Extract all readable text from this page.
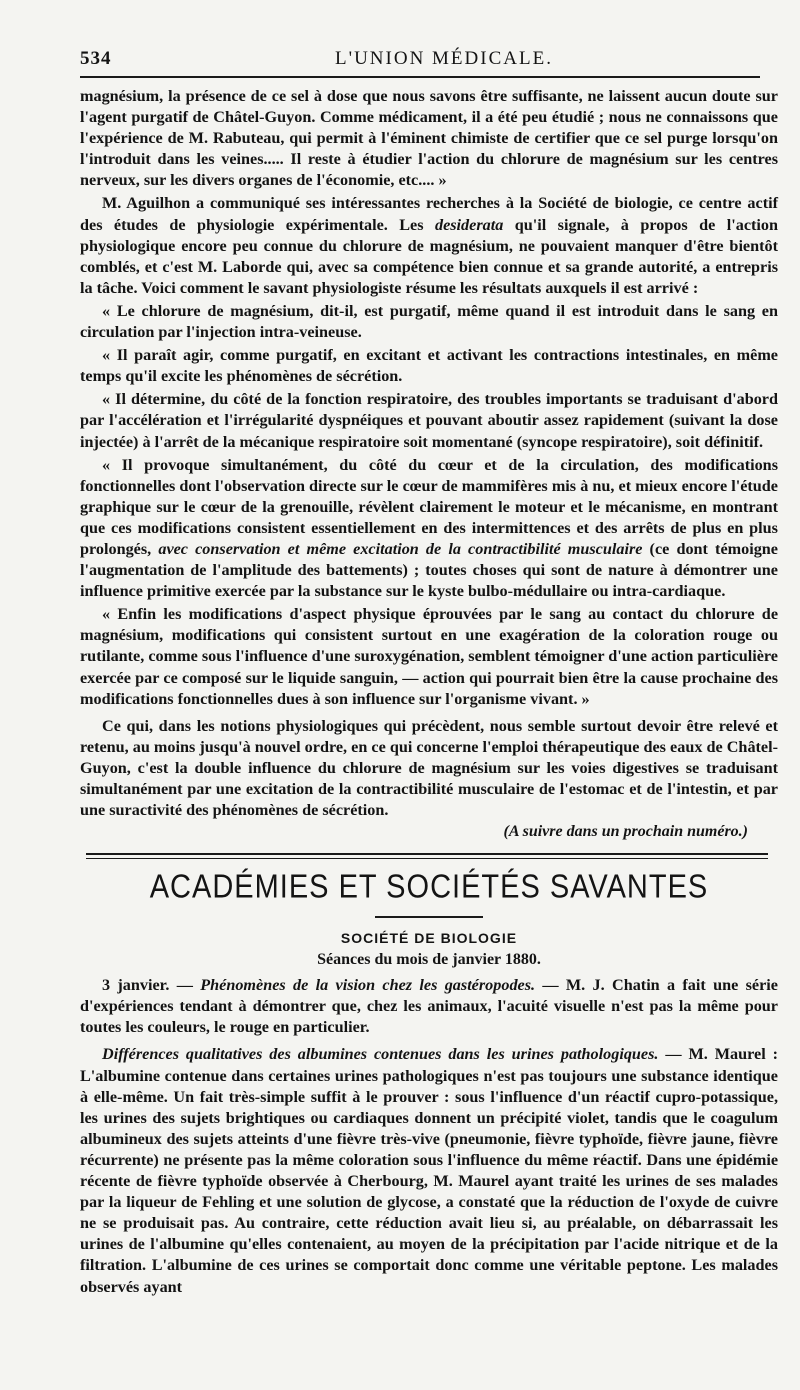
534	L'UNION MÉDICALE.

magnésium, la présence de ce sel à dose que nous savons être suffisante, ne laissent aucun doute sur l'agent purgatif de Châtel-Guyon. Comme médicament, il a été peu étudié ; nous ne connaissons que l'expérience de M. Rabuteau, qui permit à l'éminent chimiste de certifier que ce sel purge lorsqu'on l'introduit dans les veines..... Il reste à étudier l'action du chlorure de magnésium sur les centres nerveux, sur les divers organes de l'économie, etc.... »

M. Aguilhon a communiqué ses intéressantes recherches à la Société de biologie, ce centre actif des études de physiologie expérimentale. Les desiderata qu'il signale, à propos de l'action physiologique encore peu connue du chlorure de magnésium, ne pouvaient manquer d'être bientôt comblés, et c'est M. Laborde qui, avec sa compétence bien connue et sa grande autorité, a entrepris la tâche. Voici comment le savant physiologiste résume les résultats auxquels il est arrivé :

« Le chlorure de magnésium, dit-il, est purgatif, même quand il est introduit dans le sang en circulation par l'injection intra-veineuse.

« Il paraît agir, comme purgatif, en excitant et activant les contractions intestinales, en même temps qu'il excite les phénomènes de sécrétion.

« Il détermine, du côté de la fonction respiratoire, des troubles importants se traduisant d'abord par l'accélération et l'irrégularité dyspnéiques et pouvant aboutir assez rapidement (suivant la dose injectée) à l'arrêt de la mécanique respiratoire soit momentané (syncope respiratoire), soit définitif.

« Il provoque simultanément, du côté du cœur et de la circulation, des modifications fonctionnelles dont l'observation directe sur le cœur de mammifères mis à nu, et mieux encore l'étude graphique sur le cœur de la grenouille, révèlent clairement le moteur et le mécanisme, en montrant que ces modifications consistent essentiellement en des intermittences et des arrêts de plus en plus prolongés, avec conservation et même excitation de la contractibilité musculaire (ce dont témoigne l'augmentation de l'amplitude des battements) ; toutes choses qui sont de nature à démontrer une influence primitive exercée par la substance sur le kyste bulbo-médullaire ou intra-cardiaque.

« Enfin les modifications d'aspect physique éprouvées par le sang au contact du chlorure de magnésium, modifications qui consistent surtout en une exagération de la coloration rouge ou rutilante, comme sous l'influence d'une suroxygénation, semblent témoigner d'une action particulière exercée par ce composé sur le liquide sanguin, — action qui pourrait bien être la cause prochaine des modifications fonctionnelles dues à son influence sur l'organisme vivant. »

Ce qui, dans les notions physiologiques qui précèdent, nous semble surtout devoir être relevé et retenu, au moins jusqu'à nouvel ordre, en ce qui concerne l'emploi thérapeutique des eaux de Châtel-Guyon, c'est la double influence du chlorure de magnésium sur les voies digestives se traduisant simultanément par une excitation de la contractibilité musculaire de l'estomac et de l'intestin, et par une suractivité des phénomènes de sécrétion.

(A suivre dans un prochain numéro.)
ACADÉMIES ET SOCIÉTÉS SAVANTES
SOCIÉTÉ DE BIOLOGIE
Séances du mois de janvier 1880.

3 janvier. — Phénomènes de la vision chez les gastéropodes. — M. J. Chatin a fait une série d'expériences tendant à démontrer que, chez les animaux, l'acuité visuelle n'est pas la même pour toutes les couleurs, le rouge en particulier.

Différences qualitatives des albumines contenues dans les urines pathologiques. — M. Maurel : L'albumine contenue dans certaines urines pathologiques n'est pas toujours une substance identique à elle-même. Un fait très-simple suffit à le prouver : sous l'influence d'un réactif cupro-potassique, les urines des sujets brightiques ou cardiaques donnent un précipité violet, tandis que le coagulum albumineux des sujets atteints d'une fièvre très-vive (pneumonie, fièvre typhoïde, fièvre jaune, fièvre récurrente) ne présente pas la même coloration sous l'influence du même réactif. Dans une épidémie récente de fièvre typhoïde observée à Cherbourg, M. Maurel ayant traité les urines de ses malades par la liqueur de Fehling et une solution de glycose, a constaté que la réduction de l'oxyde de cuivre ne se produisait pas. Au contraire, cette réduction avait lieu si, au préalable, on débarrassait les urines de l'albumine qu'elles contenaient, au moyen de la précipitation par l'acide nitrique et de la filtration. L'albumine de ces urines se comportait donc comme une véritable peptone. Les malades observés ayant
